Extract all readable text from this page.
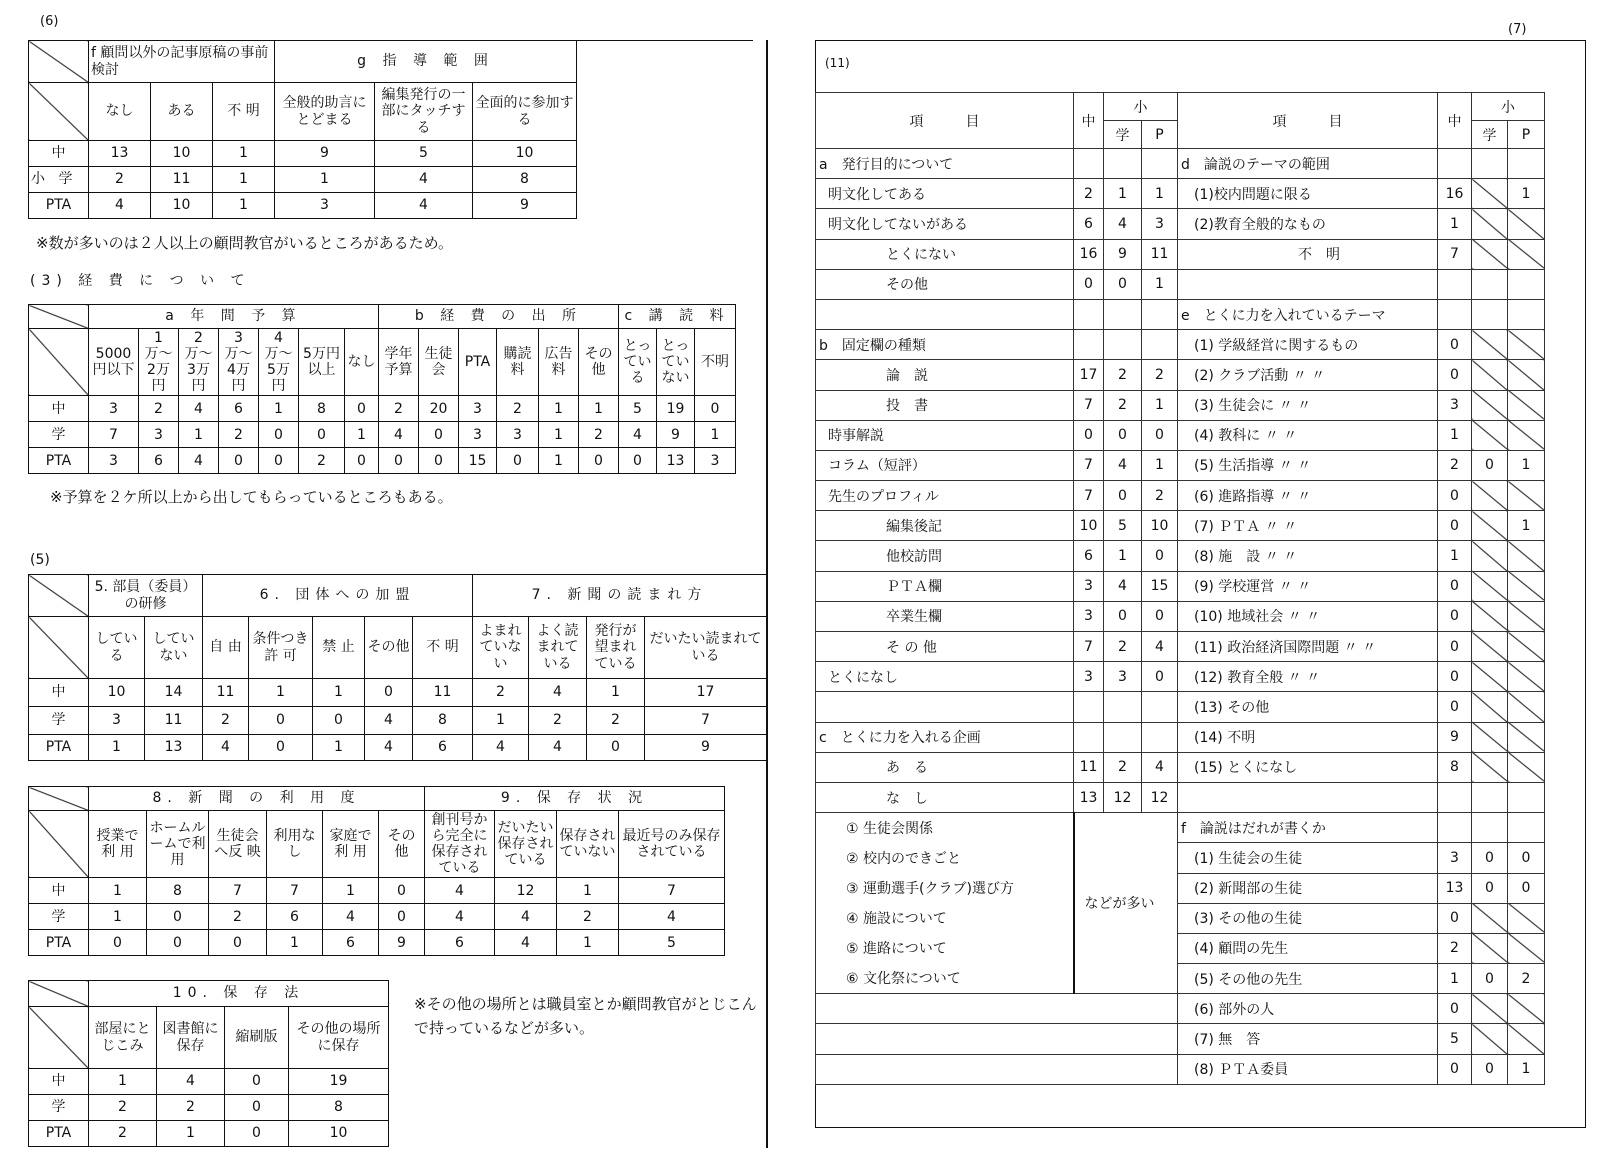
(6)
	f 顧問以外の記事原稿の事前検討			g 指 導 範 囲			
	なし	ある	不 明	全般的助言にとどまる	編集発行の一部にタッチする	全面的に参加する	
中	13	10	1	9	5	10	

小 学	2	11	1	1	4	8	
PTA	4	10	1	3	4	9	
※数が多いのは２人以上の顧問教官がいるところがあるため。
(3) 経 費 に つ い て
	a 年 間 予 算							b 経 費 の 出 所						c 講 読 料		
	5000円以下	1万〜2万円	2万〜3万円	3万〜4万円	4万〜5万円	5万円以上	なし	学年予算	生徒会	PTA	購読料	広告料	その他	とっている	とっていない	不明
中	3	2	4	6	1	8	0	2	20	3	2	1	1	5	19	0
学	7	3	1	2	0	0	1	4	0	3	3	1	2	4	9	1
PTA	3	6	4	0	0	2	0	0	0	15	0	1	0	0	13	3
※予算を２ケ所以上から出してもらっているところもある。
(5)
	5. 部員（委員）の研修		6. 団体への加盟					7. 新聞の読まれ方			
	している	していない	自 由	条件つき許 可	禁 止	その他	不 明	よまれていない	よく読まれている	発行が望まれている	だいたい読まれている
中	10	14	11	1	1	0	11	2	4	1	17
学	3	11	2	0	0	4	8	1	2	2	7
PTA	1	13	4	0	1	4	6	4	4	0	9
	8. 新 聞 の 利 用 度						9. 保 存 状 況			
	授業で利 用	ホームルームで利 用	生徒会へ反 映	利用なし	家庭で利 用	その他	創刊号から完全に保存されている	だいたい保存されている	保存されていない	最近号のみ保存されている
中	1	8	7	7	1	0	4	12	1	7
学	1	0	2	6	4	0	4	4	2	4
PTA	0	0	0	1	6	9	6	4	1	5
	10. 保 存 法			
	部屋にとじこみ	図書館に保存	縮刷版	その他の場所に保存
中	1	4	0	19
学	2	2	0	8
PTA	2	1	0	10
※その他の場所とは職員室とか顧問教官がとじこんで持っているなどが多い。
(7)
(11)
項　　　目	中	小		項　　　目	中	小	
		学	P			学	P
a　発行目的について				d　論説のテーマの範囲			
明文化してある	2	1	1	(1)校内問題に限る	16		1
明文化してないがある	6	4	3	(2)教育全般的なもの	1		
とくにない	16	9	11	不　明	7		
その他	0	0	1				
				e　とくに力を入れているテーマ			
b　固定欄の種類				(1) 学級経営に関するもの	0		
論　説	17	2	2	(2) クラブ活動 〃 〃	0		
投　書	7	2	1	(3) 生徒会に 〃 〃	3		
時事解説	0	0	0	(4) 教科に 〃 〃	1		
コラム（短評）	7	4	1	(5) 生活指導 〃 〃	2	0	1
先生のプロフィル	7	0	2	(6) 進路指導 〃 〃	0		
編集後記	10	5	10	(7) ＰＴＡ 〃 〃	0		1
他校訪問	6	1	0	(8) 施　設 〃 〃	1		
ＰＴＡ欄	3	4	15	(9) 学校運営 〃 〃	0		
卒業生欄	3	0	0	(10) 地域社会 〃 〃	0		
そ の 他	7	2	4	(11) 政治経済国際問題 〃 〃	0		
とくになし	3	3	0	(12) 教育全般 〃 〃	0		
				(13) その他	0		
c　とくに力を入れる企画				(14) 不明	9		
あ　る	11	2	4	(15) とくになし	8		
な　し	13	12	12				
① 生徒会関係	などが多い			f　論説はだれが書くか			
② 校内のできごと				(1) 生徒会の生徒	3	0	0
③ 運動選手(クラブ)選び方				(2) 新聞部の生徒	13	0	0
④ 施設について				(3) その他の生徒	0		
⑤ 進路について				(4) 顧問の先生	2		
⑥ 文化祭について				(5) その他の先生	1	0	2
				(6) 部外の人	0		
				(7) 無　答	5		
				(8) ＰＴＡ委員	0	0	1
